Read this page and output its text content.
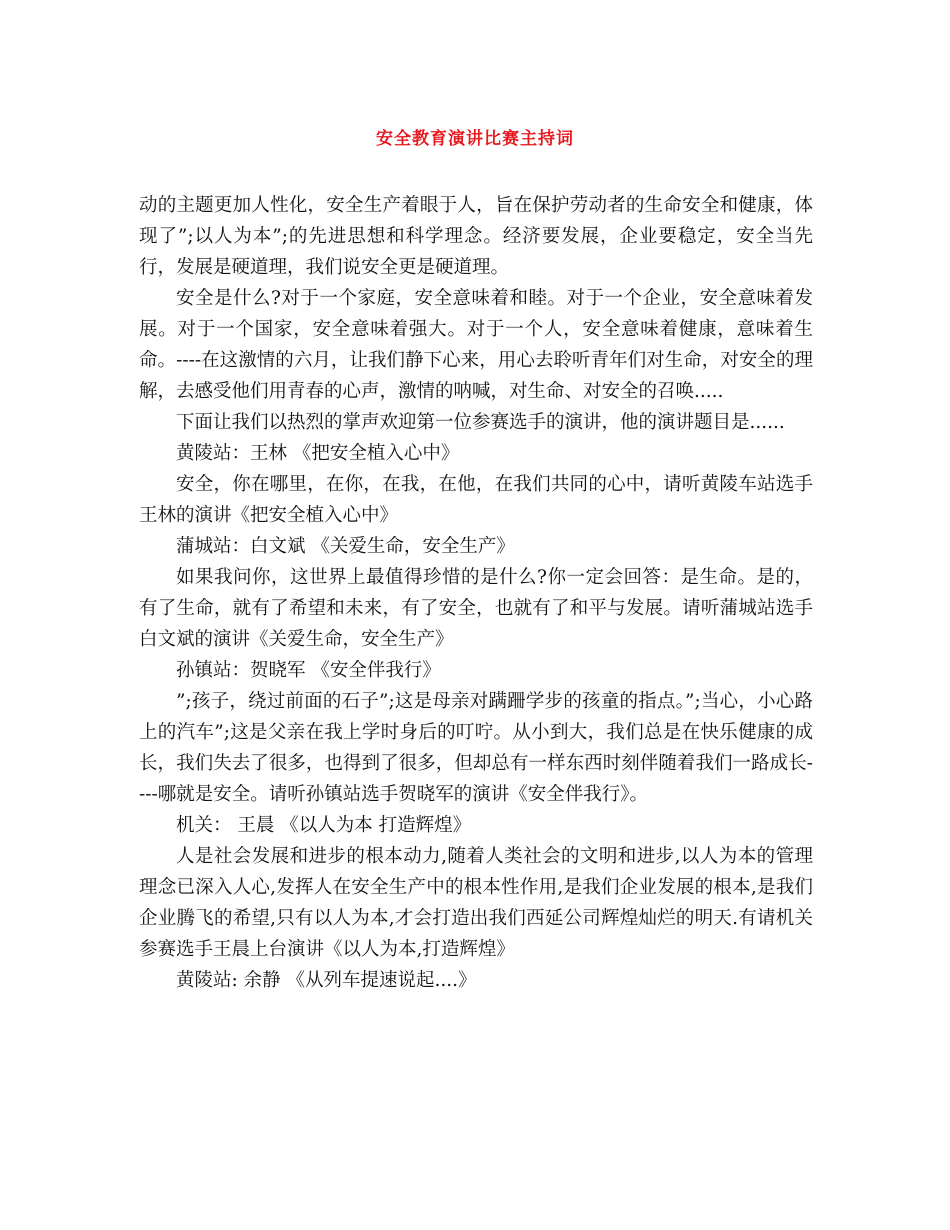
安全教育演讲比赛主持词

动的主题更加人性化，安全生产着眼于人，旨在保护劳动者的生命安全和健康，体现了”;以人为本”;的先进思想和科学理念。经济要发展，企业要稳定，安全当先行，发展是硬道理，我们说安全更是硬道理。

安全是什么?对于一个家庭，安全意味着和睦。对于一个企业，安全意味着发展。对于一个国家，安全意味着强大。对于一个人，安全意味着健康，意味着生命。----在这激情的六月，让我们静下心来，用心去聆听青年们对生命，对安全的理解，去感受他们用青春的心声，激情的呐喊，对生命、对安全的召唤.....

下面让我们以热烈的掌声欢迎第一位参赛选手的演讲，他的演讲题目是......

黄陵站：王林 《把安全植入心中》

安全，你在哪里，在你，在我，在他，在我们共同的心中，请听黄陵车站选手王林的演讲《把安全植入心中》

蒲城站：白文斌 《关爱生命，安全生产》

如果我问你，这世界上最值得珍惜的是什么?你一定会回答：是生命。是的，有了生命，就有了希望和未来，有了安全，也就有了和平与发展。请听蒲城站选手白文斌的演讲《关爱生命，安全生产》

孙镇站：贺晓军 《安全伴我行》

”;孩子，绕过前面的石子”;这是母亲对蹒跚学步的孩童的指点。”;当心，小心路上的汽车”;这是父亲在我上学时身后的叮咛。从小到大，我们总是在快乐健康的成长，我们失去了很多，也得到了很多，但却总有一样东西时刻伴随着我们一路成长----哪就是安全。请听孙镇站选手贺晓军的演讲《安全伴我行》。

机关： 王晨 《以人为本 打造辉煌》

人是社会发展和进步的根本动力,随着人类社会的文明和进步,以人为本的管理理念已深入人心,发挥人在安全生产中的根本性作用,是我们企业发展的根本,是我们企业腾飞的希望,只有以人为本,才会打造出我们西延公司辉煌灿烂的明天.有请机关参赛选手王晨上台演讲《以人为本,打造辉煌》

黄陵站: 余静 《从列车提速说起....》
